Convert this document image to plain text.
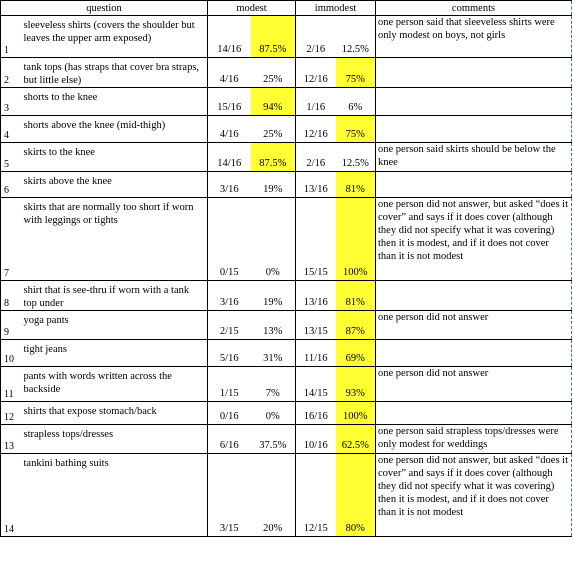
question		modest		immodest		comments
1	sleeveless shirts (covers the shoulder but leaves the upper arm exposed)	14/16	87.5%	2/16	12.5%	one person said that sleeveless shirts were only modest on boys, not girls
2	tank tops (has straps that cover bra straps, but little else)	4/16	25%	12/16	75%	
3	shorts to the knee	15/16	94%	1/16	6%	
4	shorts above the knee (mid-thigh)	4/16	25%	12/16	75%	
5	skirts to the knee	14/16	87.5%	2/16	12.5%	one person said skirts should be below the knee
6	skirts above the knee	3/16	19%	13/16	81%	
7	skirts that are normally too short if worn with leggings or tights	0/15	0%	15/15	100%	one person did not answer, but asked “does it cover” and says if it does cover (although they did not specify what it was covering) then it is modest, and if it does not cover than it is not modest
8	shirt that is see-thru if worn with a tank top under	3/16	19%	13/16	81%	
9	yoga pants	2/15	13%	13/15	87%	one person did not answer
10	tight jeans	5/16	31%	11/16	69%	
11	pants with words written across the backside	1/15	7%	14/15	93%	one person did not answer
12	shirts that expose stomach/back	0/16	0%	16/16	100%	
13	strapless tops/dresses	6/16	37.5%	10/16	62.5%	one person said strapless tops/dresses were only modest for weddings
14	tankini bathing suits	3/15	20%	12/15	80%	one person did not answer, but asked “does it cover” and says if it does cover (although they did not specify what it was covering) then it is modest, and if it does not cover than it is not modest
